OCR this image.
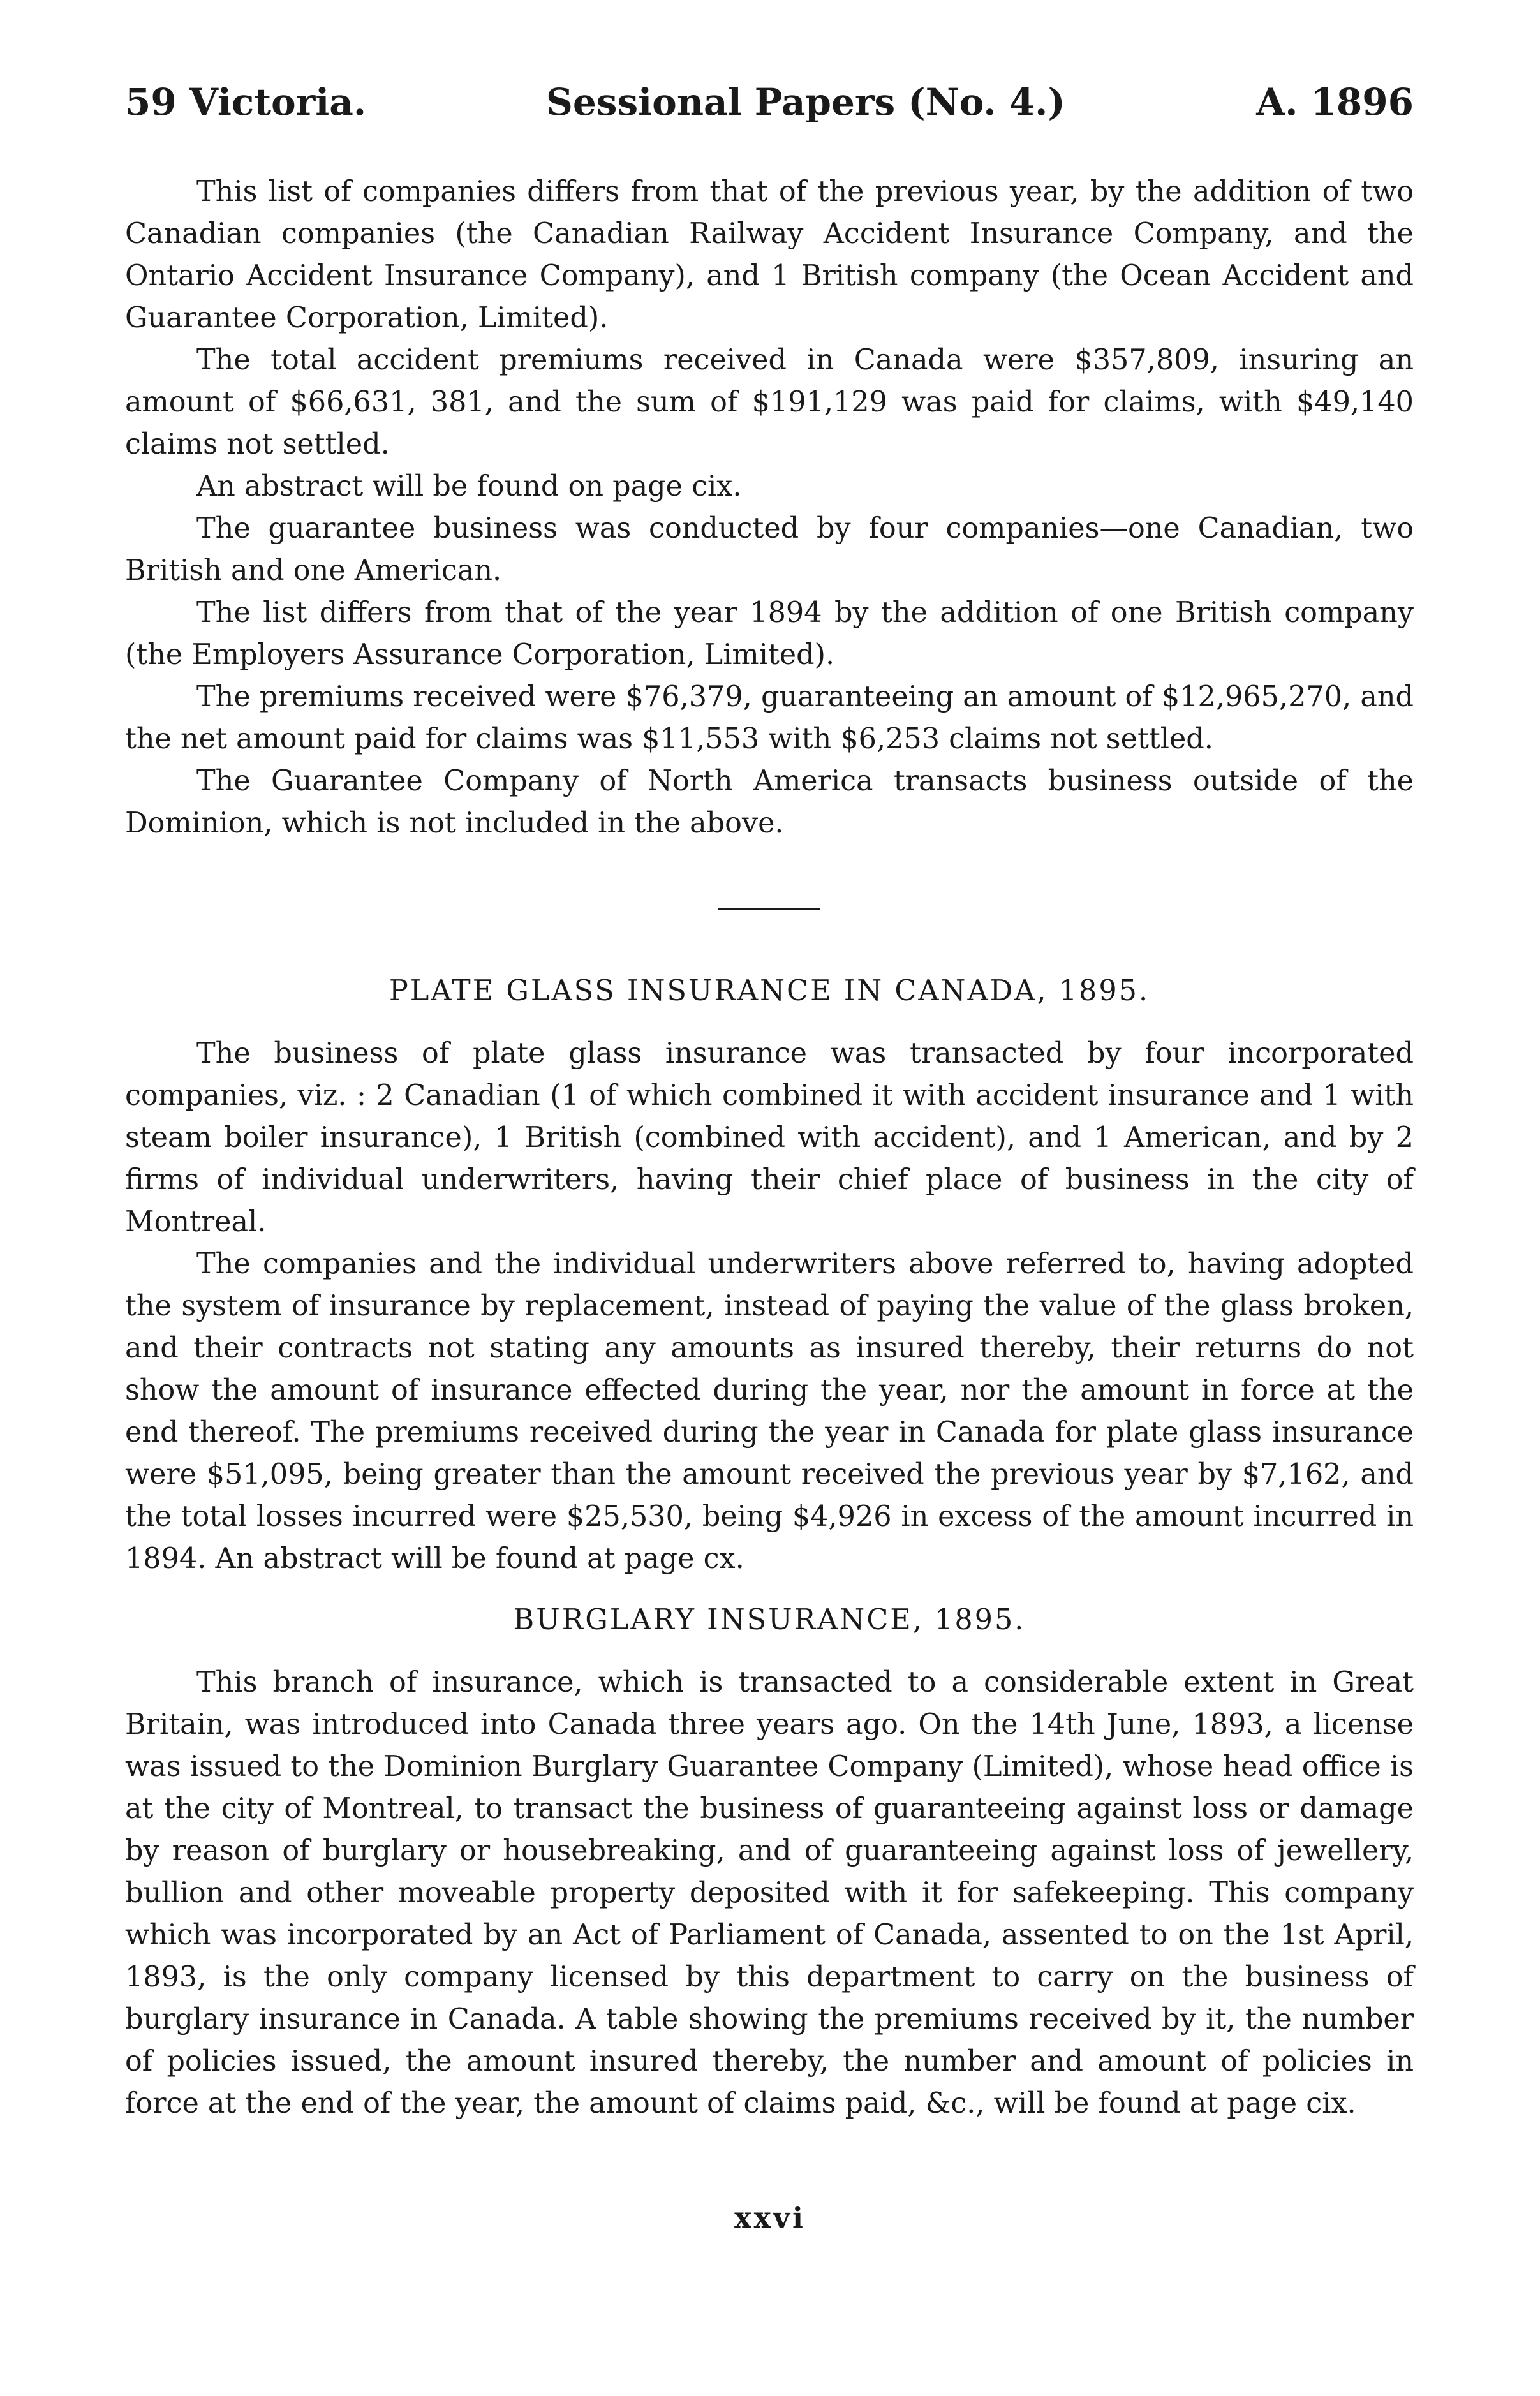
59 Victoria.	Sessional Papers (No. 4.)	A. 1896

This list of companies differs from that of the previous year, by the addition of two Canadian companies (the Canadian Railway Accident Insurance Company, and the Ontario Accident Insurance Company), and 1 British company (the Ocean Accident and Guarantee Corporation, Limited).

The total accident premiums received in Canada were $357,809, insuring an amount of $66,631, 381, and the sum of $191,129 was paid for claims, with $49,140 claims not settled.

An abstract will be found on page cix.

The guarantee business was conducted by four companies—one Canadian, two British and one American.

The list differs from that of the year 1894 by the addition of one British company (the Employers Assurance Corporation, Limited).

The premiums received were $76,379, guaranteeing an amount of $12,965,270, and the net amount paid for claims was $11,553 with $6,253 claims not settled.

The Guarantee Company of North America transacts business outside of the Dominion, which is not included in the above.

PLATE GLASS INSURANCE IN CANADA, 1895.

The business of plate glass insurance was transacted by four incorporated companies, viz. : 2 Canadian (1 of which combined it with accident insurance and 1 with steam boiler insurance), 1 British (combined with accident), and 1 American, and by 2 firms of individual underwriters, having their chief place of business in the city of Montreal.

The companies and the individual underwriters above referred to, having adopted the system of insurance by replacement, instead of paying the value of the glass broken, and their contracts not stating any amounts as insured thereby, their returns do not show the amount of insurance effected during the year, nor the amount in force at the end thereof. The premiums received during the year in Canada for plate glass insurance were $51,095, being greater than the amount received the previous year by $7,162, and the total losses incurred were $25,530, being $4,926 in excess of the amount incurred in 1894. An abstract will be found at page cx.

BURGLARY INSURANCE, 1895.

This branch of insurance, which is transacted to a considerable extent in Great Britain, was introduced into Canada three years ago. On the 14th June, 1893, a license was issued to the Dominion Burglary Guarantee Company (Limited), whose head office is at the city of Montreal, to transact the business of guaranteeing against loss or damage by reason of burglary or housebreaking, and of guaranteeing against loss of jewellery, bullion and other moveable property deposited with it for safekeeping. This company which was incorporated by an Act of Parliament of Canada, assented to on the 1st April, 1893, is the only company licensed by this department to carry on the business of burglary insurance in Canada. A table showing the premiums received by it, the number of policies issued, the amount insured thereby, the number and amount of policies in force at the end of the year, the amount of claims paid, &c., will be found at page cix.

xxvi
